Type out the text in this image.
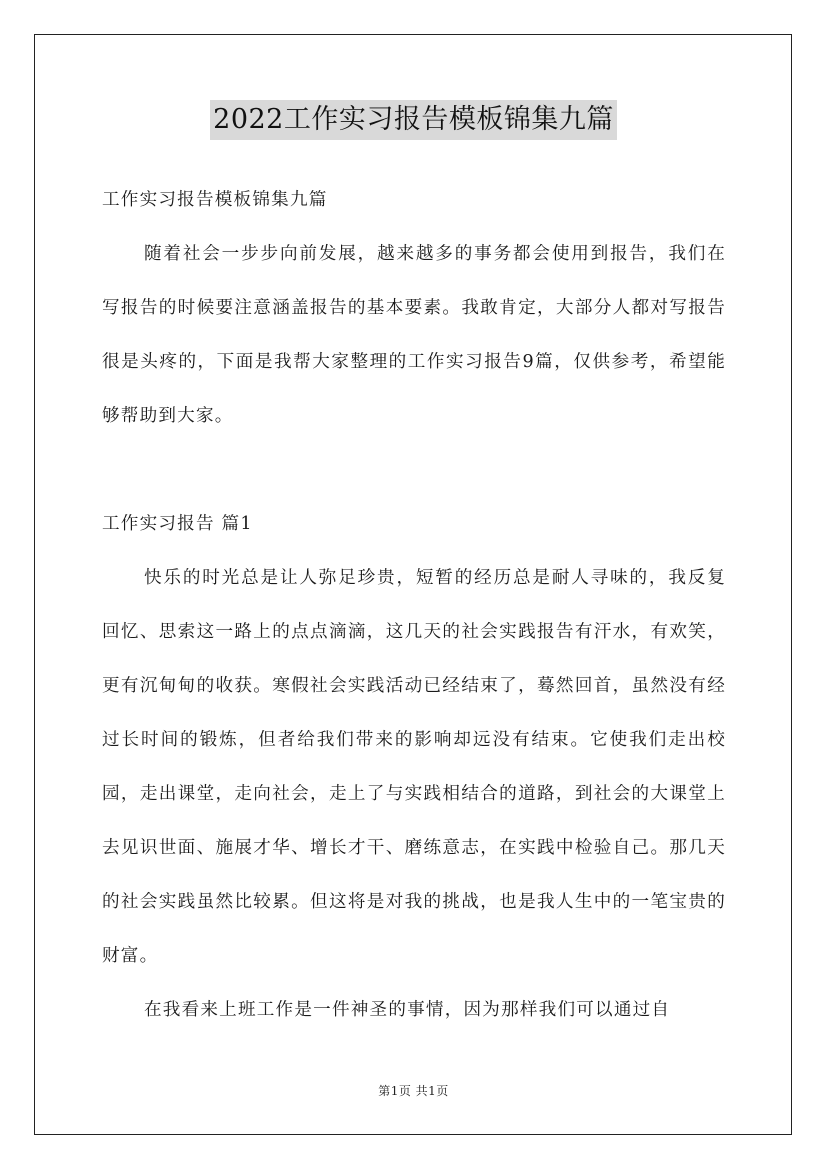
2022工作实习报告模板锦集九篇

工作实习报告模板锦集九篇

随着社会一步步向前发展，越来越多的事务都会使用到报告，我们在写报告的时候要注意涵盖报告的基本要素。我敢肯定，大部分人都对写报告很是头疼的，下面是我帮大家整理的工作实习报告9篇，仅供参考，希望能够帮助到大家。

工作实习报告 篇1

快乐的时光总是让人弥足珍贵，短暂的经历总是耐人寻味的，我反复回忆、思索这一路上的点点滴滴，这几天的社会实践报告有汗水，有欢笑，更有沉甸甸的收获。寒假社会实践活动已经结束了，蓦然回首，虽然没有经过长时间的锻炼，但者给我们带来的影响却远没有结束。它使我们走出校园，走出课堂，走向社会，走上了与实践相结合的道路，到社会的大课堂上去见识世面、施展才华、增长才干、磨练意志，在实践中检验自己。那几天的社会实践虽然比较累。但这将是对我的挑战，也是我人生中的一笔宝贵的财富。

在我看来上班工作是一件神圣的事情，因为那样我们可以通过自

第1页 共1页
